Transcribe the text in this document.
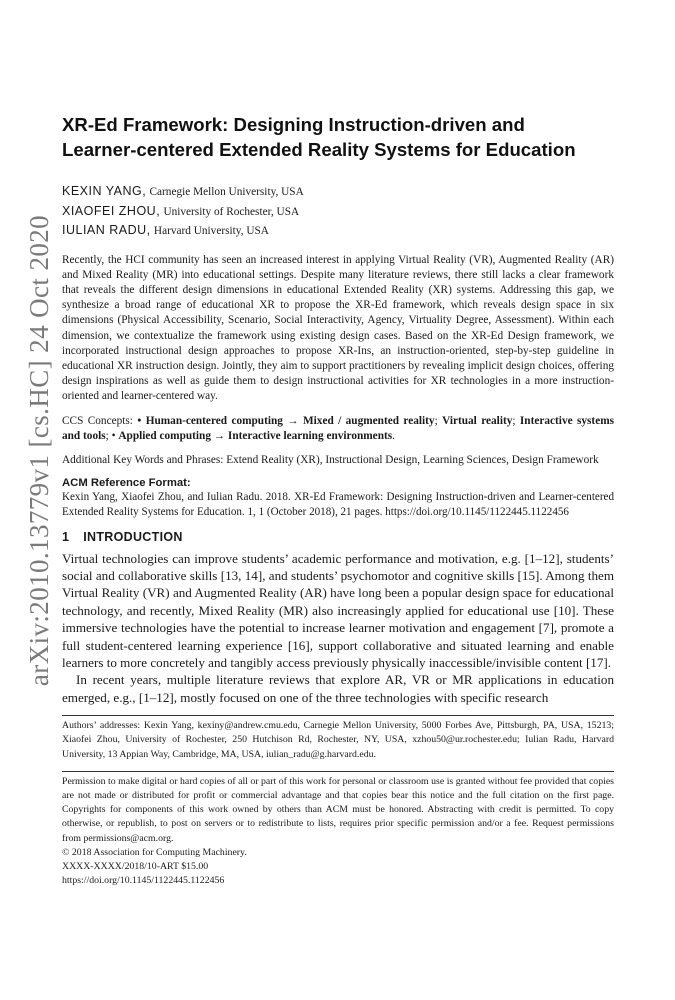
arXiv:2010.13779v1 [cs.HC] 24 Oct 2020
XR-Ed Framework: Designing Instruction-driven and
Learner-centered Extended Reality Systems for Education
KEXIN YANG, Carnegie Mellon University, USA
XIAOFEI ZHOU, University of Rochester, USA
IULIAN RADU, Harvard University, USA

Recently, the HCI community has seen an increased interest in applying Virtual Reality (VR), Augmented Reality (AR) and Mixed Reality (MR) into educational settings. Despite many literature reviews, there still lacks a clear framework that reveals the different design dimensions in educational Extended Reality (XR) systems. Addressing this gap, we synthesize a broad range of educational XR to propose the XR-Ed framework, which reveals design space in six dimensions (Physical Accessibility, Scenario, Social Interactivity, Agency, Virtuality Degree, Assessment). Within each dimension, we contextualize the framework using existing design cases. Based on the XR-Ed Design framework, we incorporated instructional design approaches to propose XR-Ins, an instruction-oriented, step-by-step guideline in educational XR instruction design. Jointly, they aim to support practitioners by revealing implicit design choices, offering design inspirations as well as guide them to design instructional activities for XR technologies in a more instruction-oriented and learner-centered way.

CCS Concepts: • Human-centered computing → Mixed / augmented reality; Virtual reality; Interactive systems and tools; • Applied computing → Interactive learning environments.

Additional Key Words and Phrases: Extend Reality (XR), Instructional Design, Learning Sciences, Design Framework

ACM Reference Format:

Kexin Yang, Xiaofei Zhou, and Iulian Radu. 2018. XR-Ed Framework: Designing Instruction-driven and Learner-centered Extended Reality Systems for Education. 1, 1 (October 2018), 21 pages. https://doi.org/10.1145/1122445.1122456

1 INTRODUCTION

Virtual technologies can improve students’ academic performance and motivation, e.g. [1–12], students’ social and collaborative skills [13, 14], and students’ psychomotor and cognitive skills [15]. Among them Virtual Reality (VR) and Augmented Reality (AR) have long been a popular design space for educational technology, and recently, Mixed Reality (MR) also increasingly applied for educational use [10]. These immersive technologies have the potential to increase learner motivation and engagement [7], promote a full student-centered learning experience [16], support collaborative and situated learning and enable learners to more concretely and tangibly access previously physically inaccessible/invisible content [17].

In recent years, multiple literature reviews that explore AR, VR or MR applications in education emerged, e.g., [1–12], mostly focused on one of the three technologies with specific research

Authors’ addresses: Kexin Yang, kexiny@andrew.cmu.edu, Carnegie Mellon University, 5000 Forbes Ave, Pittsburgh, PA, USA, 15213; Xiaofei Zhou, University of Rochester, 250 Hutchison Rd, Rochester, NY, USA, xzhou50@ur.rochester.edu; Iulian Radu, Harvard University, 13 Appian Way, Cambridge, MA, USA, iulian_radu@g.harvard.edu.

Permission to make digital or hard copies of all or part of this work for personal or classroom use is granted without fee provided that copies are not made or distributed for profit or commercial advantage and that copies bear this notice and the full citation on the first page. Copyrights for components of this work owned by others than ACM must be honored. Abstracting with credit is permitted. To copy otherwise, or republish, to post on servers or to redistribute to lists, requires prior specific permission and/or a fee. Request permissions from permissions@acm.org.

© 2018 Association for Computing Machinery.

XXXX-XXXX/2018/10-ART $15.00

https://doi.org/10.1145/1122445.1122456
